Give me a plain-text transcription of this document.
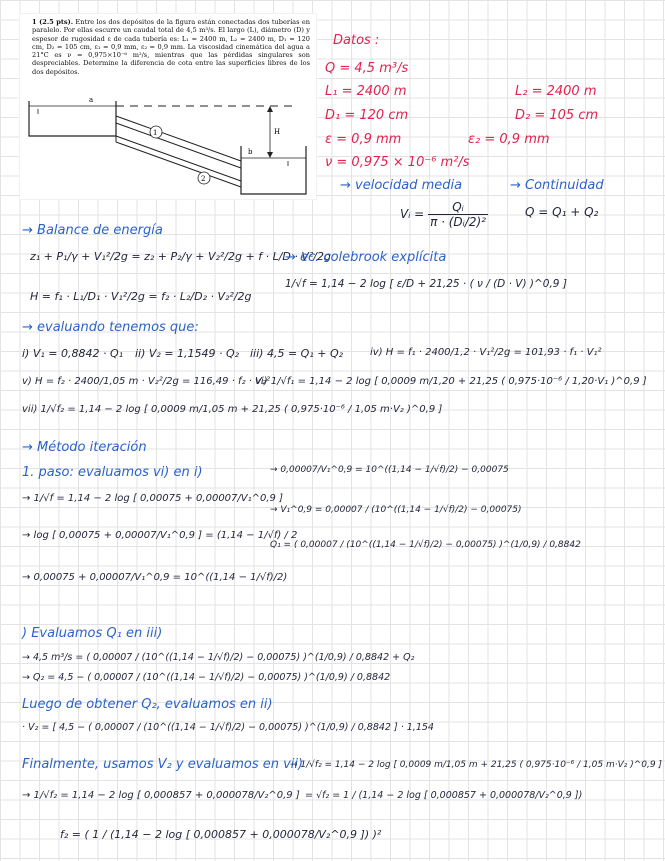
1 (2.5 pts). Entre los dos depósitos de la figura están conectadas dos tuberías en paralelo. Por ellas escurre un caudal total de 4,5 m³/s. El largo (L), diámetro (D) y espesor de rugosidad ε de cada tubería es: L₁ = 2400 m, L₂ = 2400 m, D₁ = 120 cm, D₂ = 105 cm, ε₁ = 0,9 mm, ε₂ = 0,9 mm. La viscosidad cinemática del agua a 21°C es ν = 0,975×10⁻⁶ m²/s, mientras que las pérdidas singulares son despreciables. Determine la diferencia de cota entre las superficies libres de los dos depósitos.
a
b
H
1
2
Datos :
Q = 4,5 m³/s
L₁ = 2400 m	L₂ = 2400 m
D₁ = 120 cm	D₂ = 105 cm
ε = 0,9 mm	ε₂ = 0,9 mm
ν = 0,975 × 10⁻⁶ m²/s
→ velocidad media	→ Continuidad
Vᵢ = $\frac{\text{Qᵢ}}{\text{π · (Dᵢ/2)²}}$	Q = Q₁ + Q₂
→ Balance de energía
z₁ + P₁/γ + V₁²/2g = z₂ + P₂/γ + V₂²/2g + f · L/D · V²/2g
→ ec. colebrook explícita
1/√f = 1,14 − 2 log [ ε/D + 21,25 · ( ν / (D · V) )^0,9 ]
H = f₁ · L₁/D₁ · V₁²/2g = f₂ · L₂/D₂ · V₂²/2g
→ evaluando tenemos que:
i) V₁ = 0,8842 · Q₁ ii) V₂ = 1,1549 · Q₂ iii) 4,5 = Q₁ + Q₂	iv) H = f₁ · 2400/1,2 · V₁²/2g = 101,93 · f₁ · V₁²
v) H = f₂ · 2400/1,05 m · V₂²/2g = 116,49 · f₂ · V₂²
vi) 1/√f₁ = 1,14 − 2 log [ 0,0009 m/1,20 + 21,25 ( 0,975·10⁻⁶ / 1,20·V₁ )^0,9 ]
vii) 1/√f₂ = 1,14 − 2 log [ 0,0009 m/1,05 m + 21,25 ( 0,975·10⁻⁶ / 1,05 m·V₂ )^0,9 ]
→ Método iteración
1. paso: evaluamos vi) en i)
→ 1/√f = 1,14 − 2 log [ 0,00075 + 0,00007/V₁^0,9 ]
→ log [ 0,00075 + 0,00007/V₁^0,9 ] = (1,14 − 1/√f) / 2
→ 0,00075 + 0,00007/V₁^0,9 = 10^((1,14 − 1/√f)/2)
→ 0,00007/V₁^0,9 = 10^((1,14 − 1/√f)/2) − 0,00075
→ V₁^0,9 = 0,00007 / (10^((1,14 − 1/√f)/2) − 0,00075)
Q₁ = ( 0,00007 / (10^((1,14 − 1/√f)/2) − 0,00075) )^(1/0,9) / 0,8842
) Evaluamos Q₁ en iii)
→ 4,5 m³/s = ( 0,00007 / (10^((1,14 − 1/√f)/2) − 0,00075) )^(1/0,9) / 0,8842 + Q₂
→ Q₂ = 4,5 − ( 0,00007 / (10^((1,14 − 1/√f)/2) − 0,00075) )^(1/0,9) / 0,8842
Luego de obtener Q₂, evaluamos en ii)
· V₂ = [ 4,5 − ( 0,00007 / (10^((1,14 − 1/√f)/2) − 0,00075) )^(1/0,9) / 0,8842 ] · 1,154
Finalmente, usamos V₂ y evaluamos en vii)
→ 1/√f₂ = 1,14 − 2 log [ 0,0009 m/1,05 m + 21,25 ( 0,975·10⁻⁶ / 1,05 m·V₂ )^0,9 ]
→ 1/√f₂ = 1,14 − 2 log [ 0,000857 + 0,000078/V₂^0,9 ] = √f₂ = 1 / (1,14 − 2 log [ 0,000857 + 0,000078/V₂^0,9 ])
f₂ = ( 1 / (1,14 − 2 log [ 0,000857 + 0,000078/V₂^0,9 ]) )²
